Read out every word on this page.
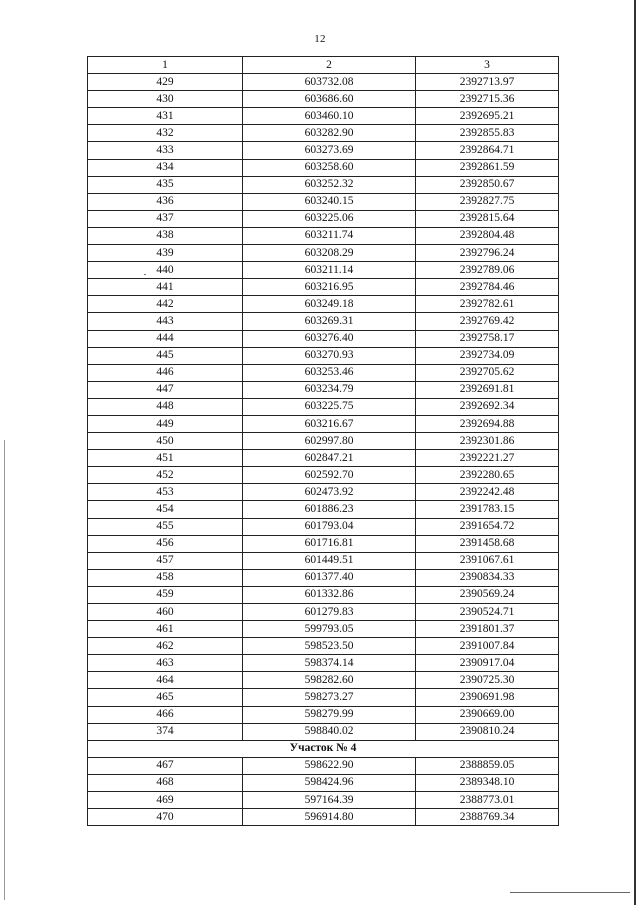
12
1	2	3
429	603732.08	2392713.97
430	603686.60	2392715.36
431	603460.10	2392695.21
432	603282.90	2392855.83
433	603273.69	2392864.71
434	603258.60	2392861.59
435	603252.32	2392850.67
436	603240.15	2392827.75
437	603225.06	2392815.64
438	603211.74	2392804.48
439	603208.29	2392796.24
440	603211.14	2392789.06
441	603216.95	2392784.46
442	603249.18	2392782.61
443	603269.31	2392769.42
444	603276.40	2392758.17
445	603270.93	2392734.09
446	603253.46	2392705.62
447	603234.79	2392691.81
448	603225.75	2392692.34
449	603216.67	2392694.88
450	602997.80	2392301.86
451	602847.21	2392221.27
452	602592.70	2392280.65
453	602473.92	2392242.48
454	601886.23	2391783.15
455	601793.04	2391654.72
456	601716.81	2391458.68
457	601449.51	2391067.61
458	601377.40	2390834.33
459	601332.86	2390569.24
460	601279.83	2390524.71
461	599793.05	2391801.37
462	598523.50	2391007.84
463	598374.14	2390917.04
464	598282.60	2390725.30
465	598273.27	2390691.98
466	598279.99	2390669.00
374	598840.02	2390810.24
Участок № 4		
467	598622.90	2388859.05
468	598424.96	2389348.10
469	597164.39	2388773.01
470	596914.80	2388769.34
